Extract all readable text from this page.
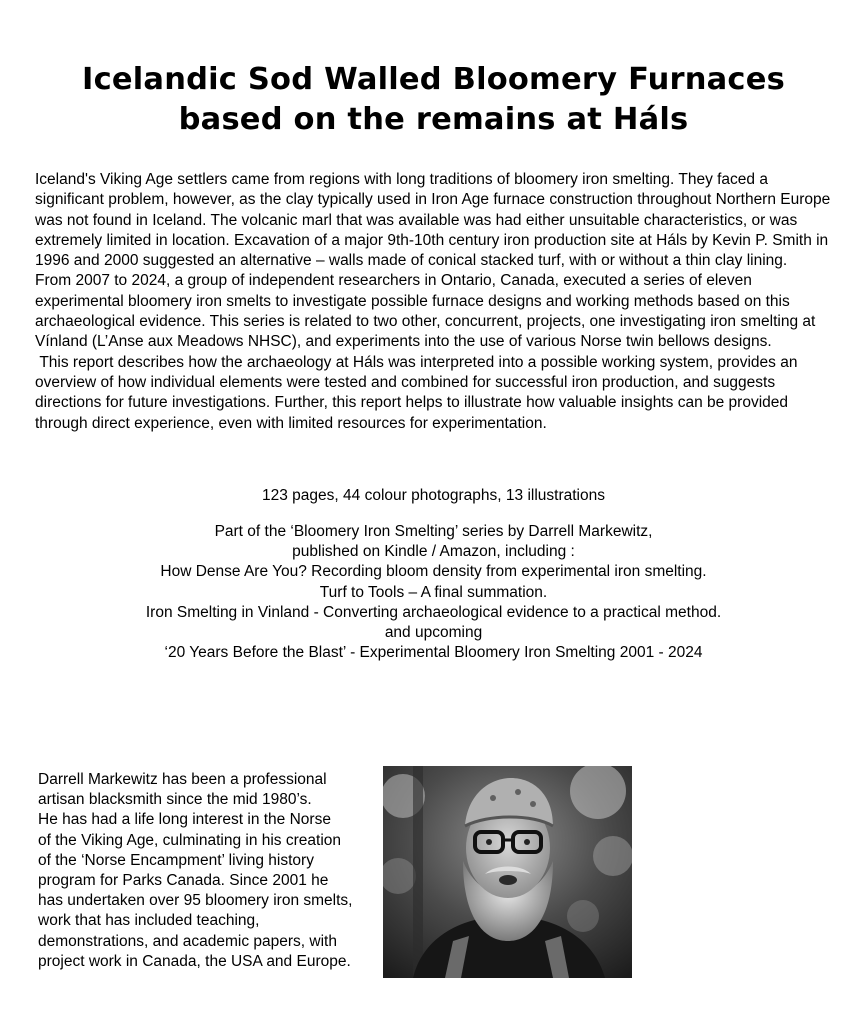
Icelandic Sod Walled Bloomery Furnaces
based on the remains at Háls

Iceland's Viking Age settlers came from regions with long traditions of bloomery iron smelting. They faced a significant problem, however, as the clay typically used in Iron Age furnace construction throughout Northern Europe was not found in Iceland. The volcanic marl that was available was had either unsuitable characteristics, or was extremely limited in location. Excavation of a major 9th-10th century iron production site at Háls by Kevin P. Smith in 1996 and 2000 suggested an alternative – walls made of conical stacked turf, with or without a thin clay lining.

From 2007 to 2024, a group of independent researchers in Ontario, Canada, executed a series of eleven experimental bloomery iron smelts to investigate possible furnace designs and working methods based on this archaeological evidence. This series is related to two other, concurrent, projects, one investigating iron smelting at Vínland (L’Anse aux Meadows NHSC), and experiments into the use of various Norse twin bellows designs.

This report describes how the archaeology at Háls was interpreted into a possible working system, provides an overview of how individual elements were tested and combined for successful iron production, and suggests directions for future investigations. Further, this report helps to illustrate how valuable insights can be provided through direct experience, even with limited resources for experimentation.

123 pages, 44 colour photographs, 13 illustrations

Part of the ‘Bloomery Iron Smelting’ series by Darrell Markewitz,
published on Kindle / Amazon, including :
How Dense Are You? Recording bloom density from experimental iron smelting.
Turf to Tools – A final summation.
Iron Smelting in Vinland - Converting archaeological evidence to a practical method.
and upcoming
‘20 Years Before the Blast’ - Experimental Bloomery Iron Smelting 2001 - 2024
Darrell Markewitz has been a professional
artisan blacksmith since the mid 1980’s.
He has had a life long interest in the Norse
of the Viking Age, culminating in his creation
of the ‘Norse Encampment’ living history
program for Parks Canada. Since 2001 he
has undertaken over 95 bloomery iron smelts,
work that has included teaching,
demonstrations, and academic papers, with
project work in Canada, the USA and Europe.
